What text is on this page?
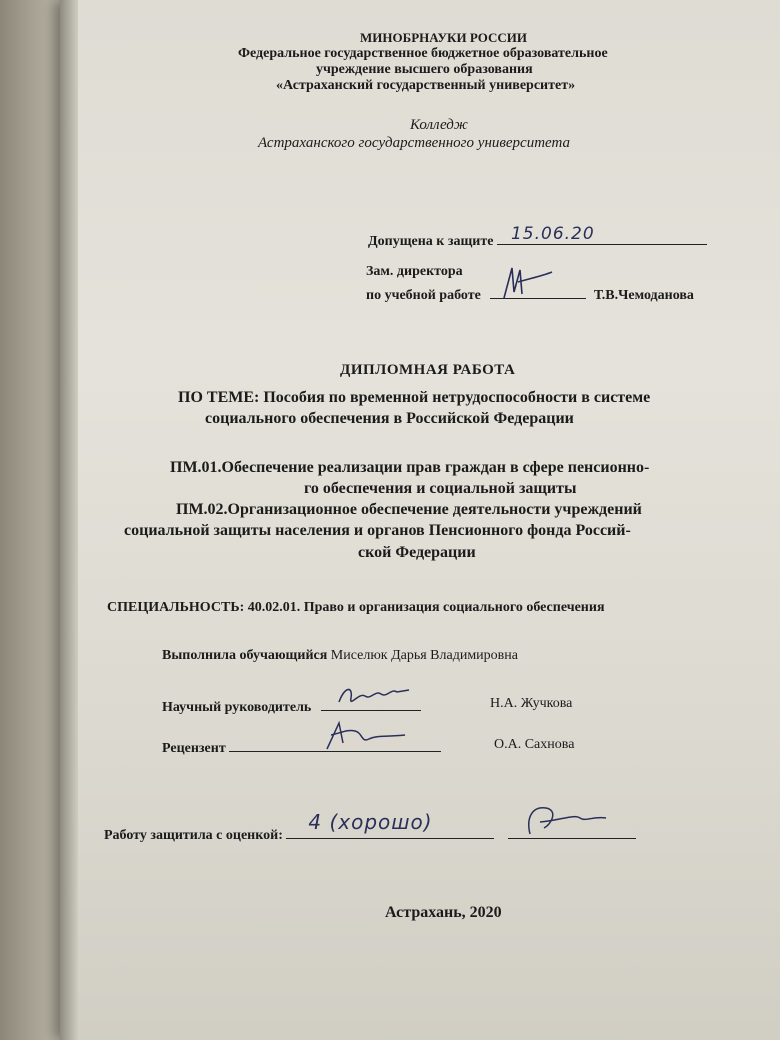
МИНОБРНАУКИ РОССИИ
Федеральное государственное бюджетное образовательное
учреждение высшего образования
«Астраханский государственный университет»
Колледж
Астраханского государственного университета
Допущена к защите 15.06.20
Зам. директора
по учебной работе	Т.В.Чемоданова
ДИПЛОМНАЯ РАБОТА
ПО ТЕМЕ: Пособия по временной нетрудоспособности в системе
социального обеспечения в Российской Федерации
ПМ.01.Обеспечение реализации прав граждан в сфере пенсионно-
го обеспечения и социальной защиты
ПМ.02.Организационное обеспечение деятельности учреждений
социальной защиты населения и органов Пенсионного фонда Россий-
ской Федерации
СПЕЦИАЛЬНОСТЬ: 40.02.01. Право и организация социального обеспечения
Выполнила обучающийся Миселюк Дарья Владимировна
Научный руководитель	Н.А. Жучкова
Рецензент	О.А. Сахнова
Работу защитила с оценкой:
4 (хорошо)

Астрахань, 2020
